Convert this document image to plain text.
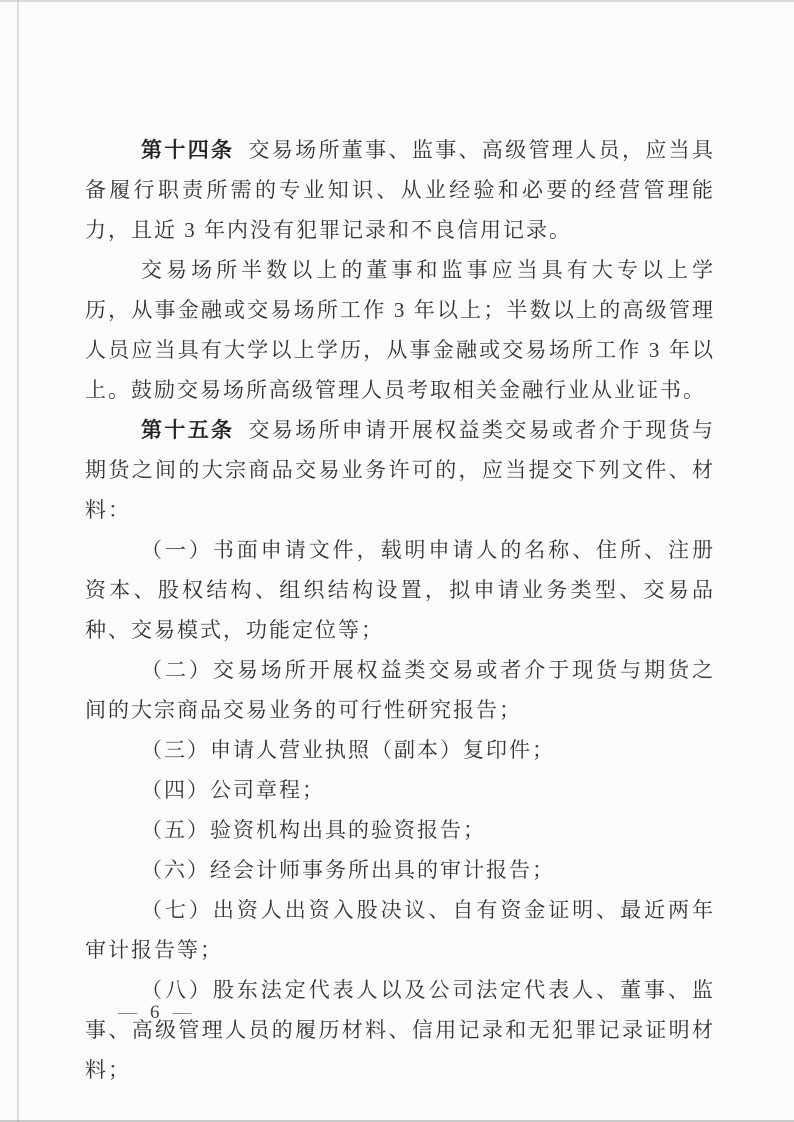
第十四条 交易场所董事、监事、高级管理人员，应当具备履行职责所需的专业知识、从业经验和必要的经营管理能力，且近 3 年内没有犯罪记录和不良信用记录。

交易场所半数以上的董事和监事应当具有大专以上学历，从事金融或交易场所工作 3 年以上；半数以上的高级管理人员应当具有大学以上学历，从事金融或交易场所工作 3 年以上。鼓励交易场所高级管理人员考取相关金融行业从业证书。

第十五条 交易场所申请开展权益类交易或者介于现货与期货之间的大宗商品交易业务许可的，应当提交下列文件、材料：

（一）书面申请文件，载明申请人的名称、住所、注册资本、股权结构、组织结构设置，拟申请业务类型、交易品种、交易模式，功能定位等；

（二）交易场所开展权益类交易或者介于现货与期货之间的大宗商品交易业务的可行性研究报告；

（三）申请人营业执照（副本）复印件；

（四）公司章程；

（五）验资机构出具的验资报告；

（六）经会计师事务所出具的审计报告；

（七）出资人出资入股决议、自有资金证明、最近两年审计报告等；

（八）股东法定代表人以及公司法定代表人、董事、监事、高级管理人员的履历材料、信用记录和无犯罪记录证明材料；

— 6 —
